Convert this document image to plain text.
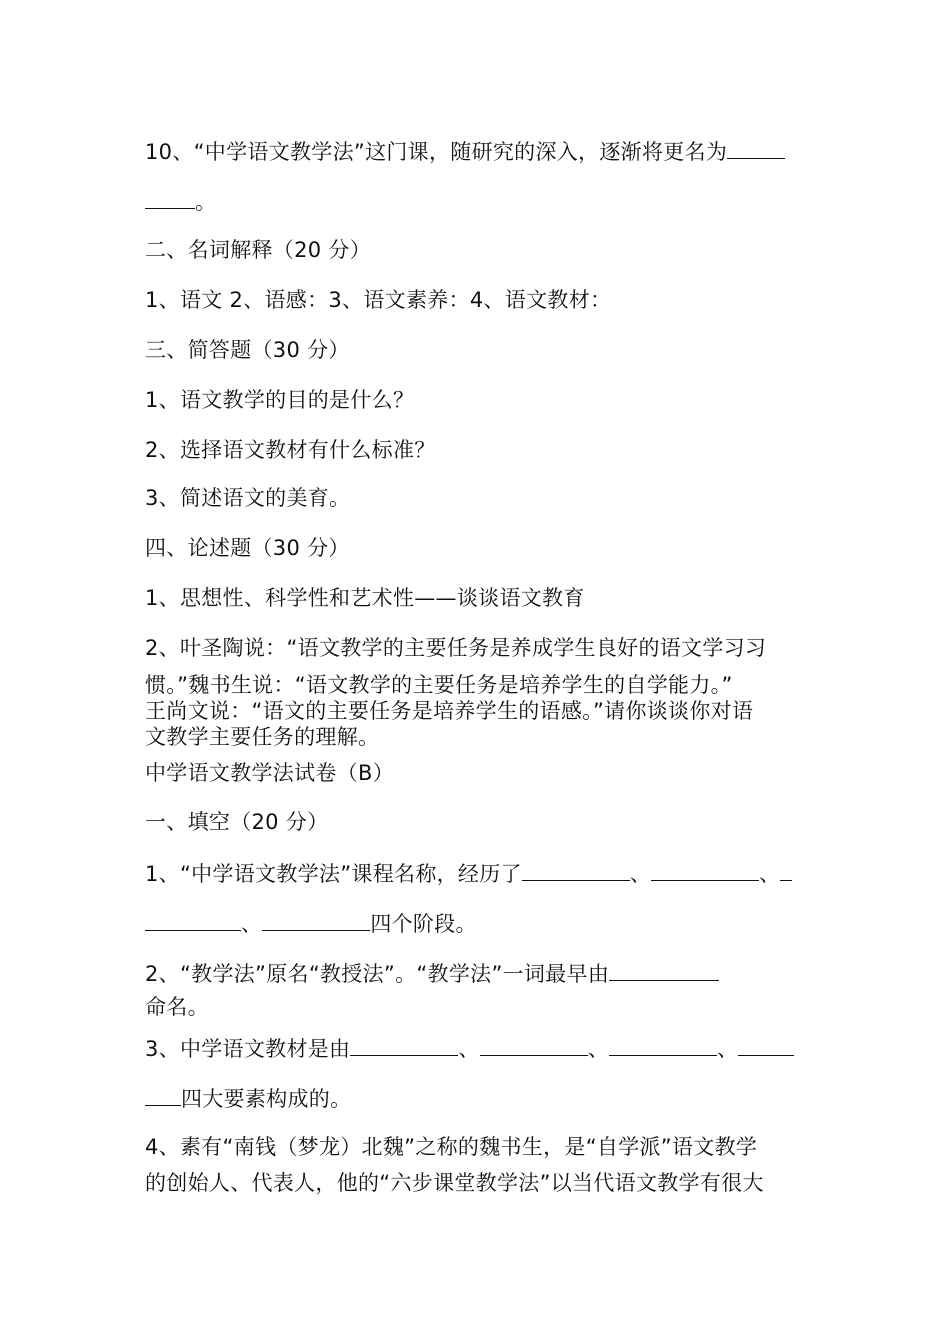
10、“中学语文教学法”这门课，随研究的深入，逐渐将更名为
。
二、名词解释（20 分）
1、语文 2、语感：3、语文素养：4、语文教材：
三、简答题（30 分）
1、语文教学的目的是什么？
2、选择语文教材有什么标准？
3、简述语文的美育。
四、论述题（30 分）
1、思想性、科学性和艺术性——谈谈语文教育
2、叶圣陶说：“语文教学的主要任务是养成学生良好的语文学习习
惯。”魏书生说：“语文教学的主要任务是培养学生的自学能力。”
王尚文说：“语文的主要任务是培养学生的语感。”请你谈谈你对语
文教学主要任务的理解。
中学语文教学法试卷（B）
一、填空（20 分）
1、“中学语文教学法”课程名称，经历了	、	、
、	四个阶段。
2、“教学法”原名“教授法”。“教学法”一词最早由
命名。
3、中学语文教材是由	、	、	、
四大要素构成的。
4、素有“南钱（梦龙）北魏”之称的魏书生，是“自学派”语文教学
的创始人、代表人，他的“六步课堂教学法”以当代语文教学有很大
